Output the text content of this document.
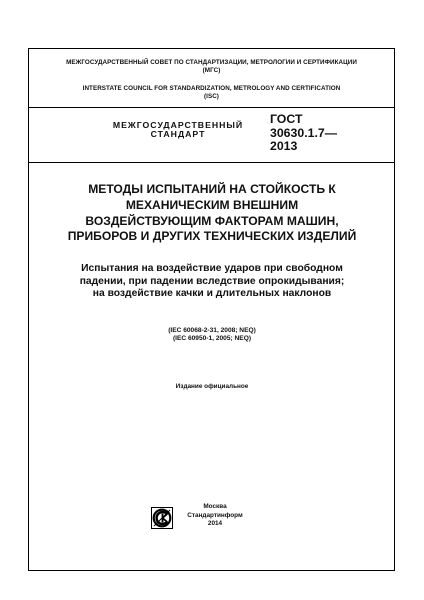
МЕЖГОСУДАРСТВЕННЫЙ СОВЕТ ПО СТАНДАРТИЗАЦИИ, МЕТРОЛОГИИ И СЕРТИФИКАЦИИ
(МГС)
INTERSTATE COUNCIL FOR STANDARDIZATION, METROLOGY AND CERTIFICATION
(ISC)
МЕЖГОСУДАРСТВЕННЫЙ
СТАНДАРТ
ГОСТ
30630.1.7—
2013
МЕТОДЫ ИСПЫТАНИЙ НА СТОЙКОСТЬ К
МЕХАНИЧЕСКИМ ВНЕШНИМ
ВОЗДЕЙСТВУЮЩИМ ФАКТОРАМ МАШИН,
ПРИБОРОВ И ДРУГИХ ТЕХНИЧЕСКИХ ИЗДЕЛИЙ
Испытания на воздействие ударов при свободном
падении, при падении вследствие опрокидывания;
на воздействие качки и длительных наклонов
(IEC 60068-2-31, 2008; NEQ)
(IEC 60950-1, 2005; NEQ)
Издание официальное
Москва
Стандартинформ
2014
